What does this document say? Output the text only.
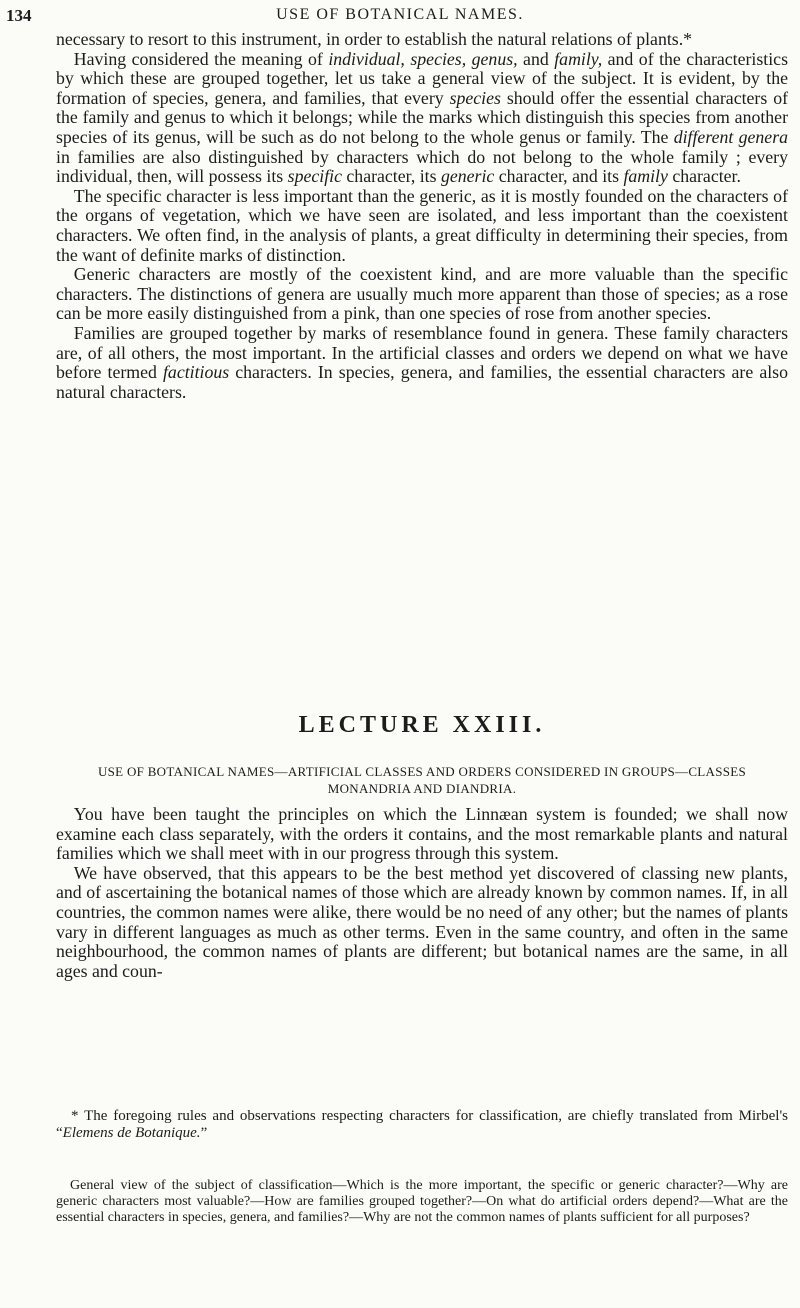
134	USE OF BOTANICAL NAMES.

necessary to resort to this instrument, in order to establish the natural relations of plants.*

 Having considered the meaning of individual, species, genus, and family, and of the characteristics by which these are grouped together, let us take a general view of the subject. It is evident, by the formation of species, genera, and families, that every species should offer the essential characters of the family and genus to which it belongs; while the marks which distinguish this species from another species of its genus, will be such as do not belong to the whole genus or family. The different genera in families are also distinguished by characters which do not belong to the whole family ; every individual, then, will possess its specific character, its generic character, and its family character.

 The specific character is less important than the generic, as it is mostly founded on the characters of the organs of vegetation, which we have seen are isolated, and less important than the coexistent characters. We often find, in the analysis of plants, a great difficulty in determining their species, from the want of definite marks of distinction.

 Generic characters are mostly of the coexistent kind, and are more valuable than the specific characters. The distinctions of genera are usually much more apparent than those of species; as a rose can be more easily distinguished from a pink, than one species of rose from another species.

 Families are grouped together by marks of resemblance found in genera. These family characters are, of all others, the most important. In the artificial classes and orders we depend on what we have before termed factitious characters. In species, genera, and families, the essential characters are also natural characters.

LECTURE XXIII.
USE OF BOTANICAL NAMES—ARTIFICIAL CLASSES AND ORDERS CONSIDERED IN GROUPS—CLASSES MONANDRIA AND DIANDRIA.

 You have been taught the principles on which the Linnæan system is founded; we shall now examine each class separately, with the orders it contains, and the most remarkable plants and natural families which we shall meet with in our progress through this system.

 We have observed, that this appears to be the best method yet discovered of classing new plants, and of ascertaining the botanical names of those which are already known by common names. If, in all countries, the common names were alike, there would be no need of any other; but the names of plants vary in different languages as much as other terms. Even in the same country, and often in the same neighbourhood, the common names of plants are different; but botanical names are the same, in all ages and coun-

 * The foregoing rules and observations respecting characters for classification, are chiefly translated from Mirbel's “Elemens de Botanique.”
 General view of the subject of classification—Which is the more important, the specific or generic character?—Why are generic characters most valuable?—How are families grouped together?—On what do artificial orders depend?—What are the essential characters in species, genera, and families?—Why are not the common names of plants sufficient for all purposes?
